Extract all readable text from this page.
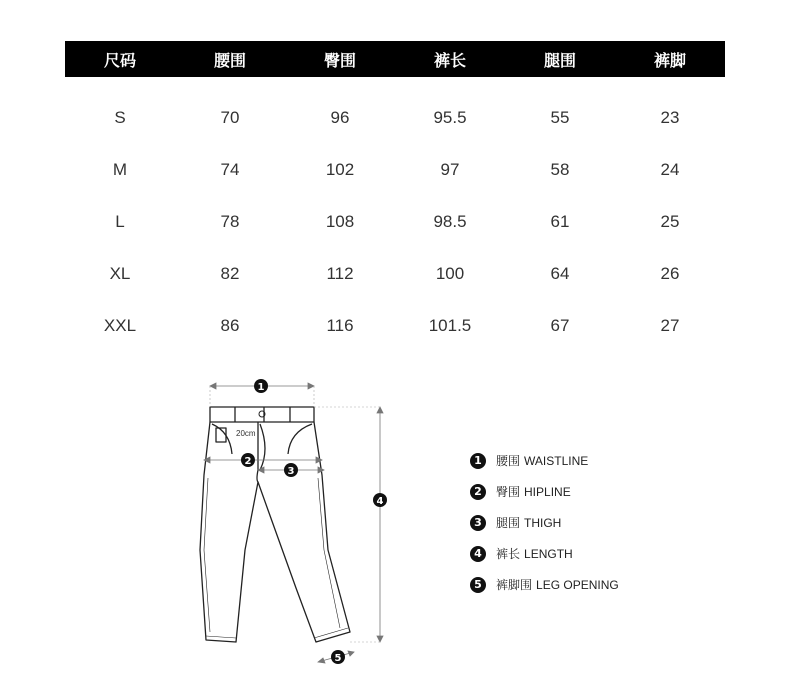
尺码	腰围	臀围	裤长	腿围	裤脚
S	70	96	95.5	55	23
M	74	102	97	58	24
L	78	108	98.5	61	25
XL	82	112	100	64	26
XXL	86	116	101.5	67	27
1
2
3
4
5
20cm
1	腰围 WAISTLINE
2	臀围 HIPLINE
3	腿围 THIGH
4	裤长 LENGTH
5	裤脚围 LEG OPENING
